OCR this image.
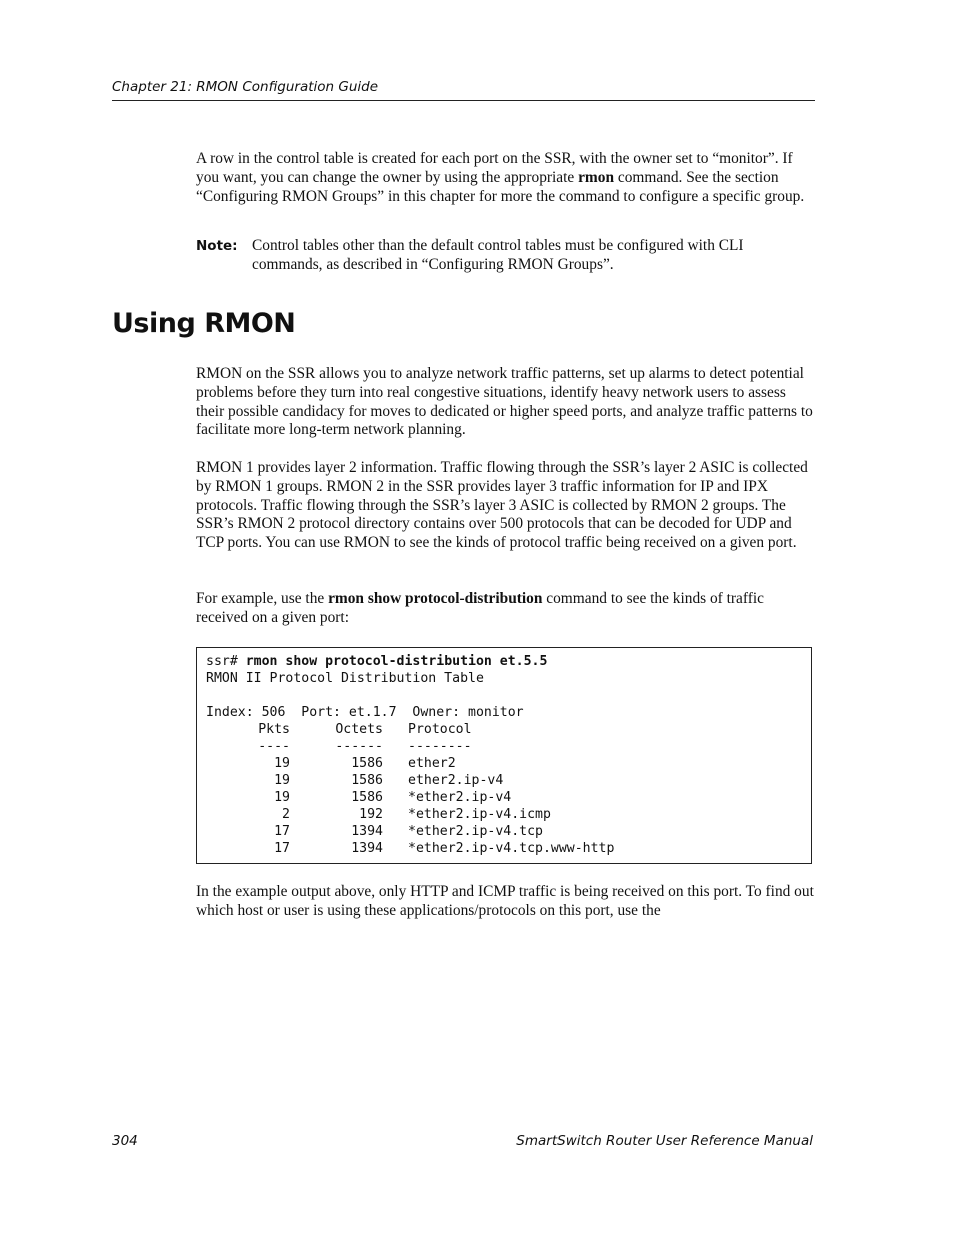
Chapter 21: RMON Configuration Guide

A row in the control table is created for each port on the SSR, with the owner set to “monitor”. If you want, you can change the owner by using the appropriate rmon command. See the section “Configuring RMON Groups” in this chapter for more the command to configure a specific group.

Note: Control tables other than the default control tables must be configured with CLI commands, as described in “Configuring RMON Groups”.
Using RMON

RMON on the SSR allows you to analyze network traffic patterns, set up alarms to detect potential problems before they turn into real congestive situations, identify heavy network users to assess their possible candidacy for moves to dedicated or higher speed ports, and analyze traffic patterns to facilitate more long-term network planning.

RMON 1 provides layer 2 information. Traffic flowing through the SSR’s layer 2 ASIC is collected by RMON 1 groups. RMON 2 in the SSR provides layer 3 traffic information for IP and IPX protocols. Traffic flowing through the SSR’s layer 3 ASIC is collected by RMON 2 groups. The SSR’s RMON 2 protocol directory contains over 500 protocols that can be decoded for UDP and TCP ports. You can use RMON to see the kinds of protocol traffic being received on a given port.

For example, use the rmon show protocol-distribution command to see the kinds of traffic received on a given port:

ssr# rmon show protocol-distribution et.5.5
RMON II Protocol Distribution Table
Index: 506  Port: et.1.7  Owner: monitor
Pkts	Octets Protocol
----	------ --------
19	1586 ether2
19	1586 ether2.ip-v4
19	1586 *ether2.ip-v4
2	192 *ether2.ip-v4.icmp
17	1394 *ether2.ip-v4.tcp
17	1394 *ether2.ip-v4.tcp.www-http

In the example output above, only HTTP and ICMP traffic is being received on this port. To find out which host or user is using these applications/protocols on this port, use the

304	SmartSwitch Router User Reference Manual
